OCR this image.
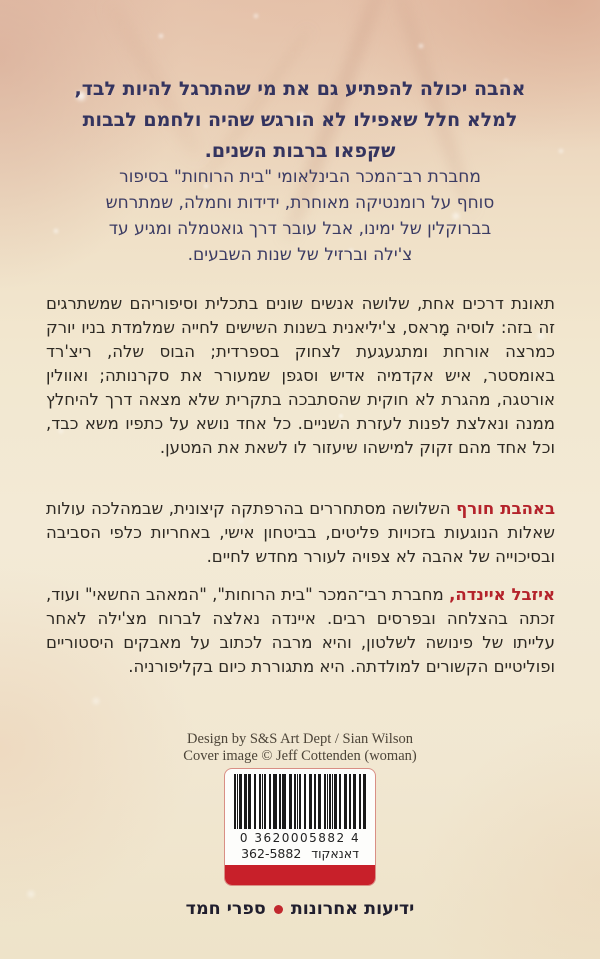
אהבה יכולה להפתיע גם את מי שהתרגל להיות לבד,
למלא חלל שאפילו לא הורגש שהיה ולחמם לבבות
שקפאו ברבות השנים.
מחברת רב־המכר הבינלאומי "בית הרוחות" בסיפור
סוחף על רומנטיקה מאוחרת, ידידות וחמלה, שמתרחש
בברוקלין של ימינו, אבל עובר דרך גואטמלה ומגיע עד
צ'ילה וברזיל של שנות השבעים.
תאונת דרכים אחת, שלושה אנשים שונים בתכלית וסיפוריהם שמשתרגים זה בזה: לוסיה מָראס, צ'יליאנית בשנות השישים לחייה שמלמדת בניו יורק כמרצה אורחת ומתגעגעת לצחוק בספרדית; הבוס שלה, ריצ'רד באומסטר, איש אקדמיה אדיש וסגפן שמעורר את סקרנותה; ואוולין אורטגה, מהגרת לא חוקית שהסתבכה בתקרית שלא מצאה דרך להיחלץ ממנה ונאלצת לפנות לעזרת השניים. כל אחד נושא על כתפיו משא כבד, וכל אחד מהם זקוק למישהו שיעזור לו לשאת את המטען.
באהבת חורף השלושה מסתחררים בהרפתקה קיצונית, שבמהלכה עולות שאלות הנוגעות בזכויות פליטים, בביטחון אישי, באחריות כלפי הסביבה ובסיכוייה של אהבה לא צפויה לעורר מחדש לחיים.
איזבל איינדה, מחברת רבי־המכר "בית הרוחות", "המאהב החשאי" ועוד, זכתה בהצלחה ובפרסים רבים. איינדה נאלצה לברוח מצ'ילה לאחר עלייתו של פינושה לשלטון, והיא מרבה לכתוב על מאבקים היסטוריים ופוליטיים הקשורים למולדתה. היא מתגוררת כיום בקליפורניה.
Design by S&S Art Dept / Sian Wilson
Cover image © Jeff Cottenden (woman)
0 3620005882 4
דאנאקוד 362-5882
ידיעות אחרונותספרי חמד
